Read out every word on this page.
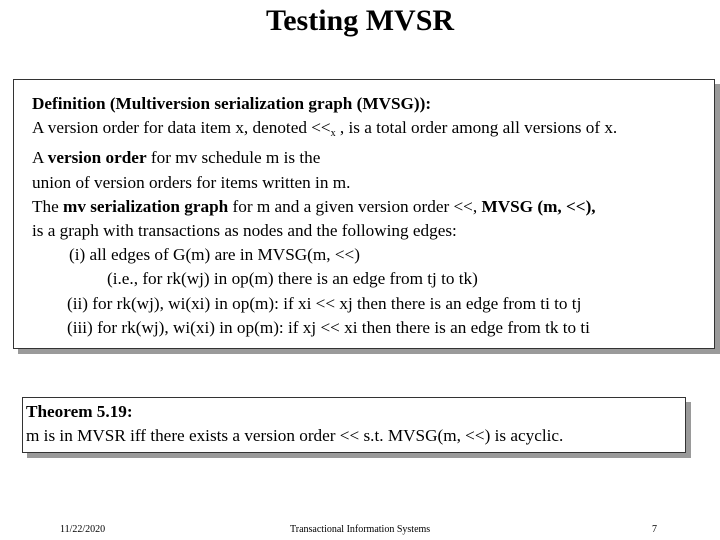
Testing MVSR
Definition (Multiversion serialization graph (MVSG)):
A version order for data item x, denoted $<<_x$ , is a total order among all versions of x.
A version order for mv schedule m is the
union of version orders for items written in m.
The mv serialization graph for m and a given version order <<, MVSG (m, <<),
is a graph with transactions as nodes and the following edges:
(i) all edges of G(m) are in MVSG(m, <<)
(i.e., for rk(wj) in op(m) there is an edge from tj to tk)
(ii) for rk(wj), wi(xi) in op(m): if xi << xj then there is an edge from ti to tj
(iii) for rk(wj), wi(xi) in op(m): if xj << xi then there is an edge from tk to ti
Theorem 5.19:
m is in MVSR iff there exists a version order << s.t. MVSG(m, <<) is acyclic.
11/22/2020	Transactional Information Systems	7
